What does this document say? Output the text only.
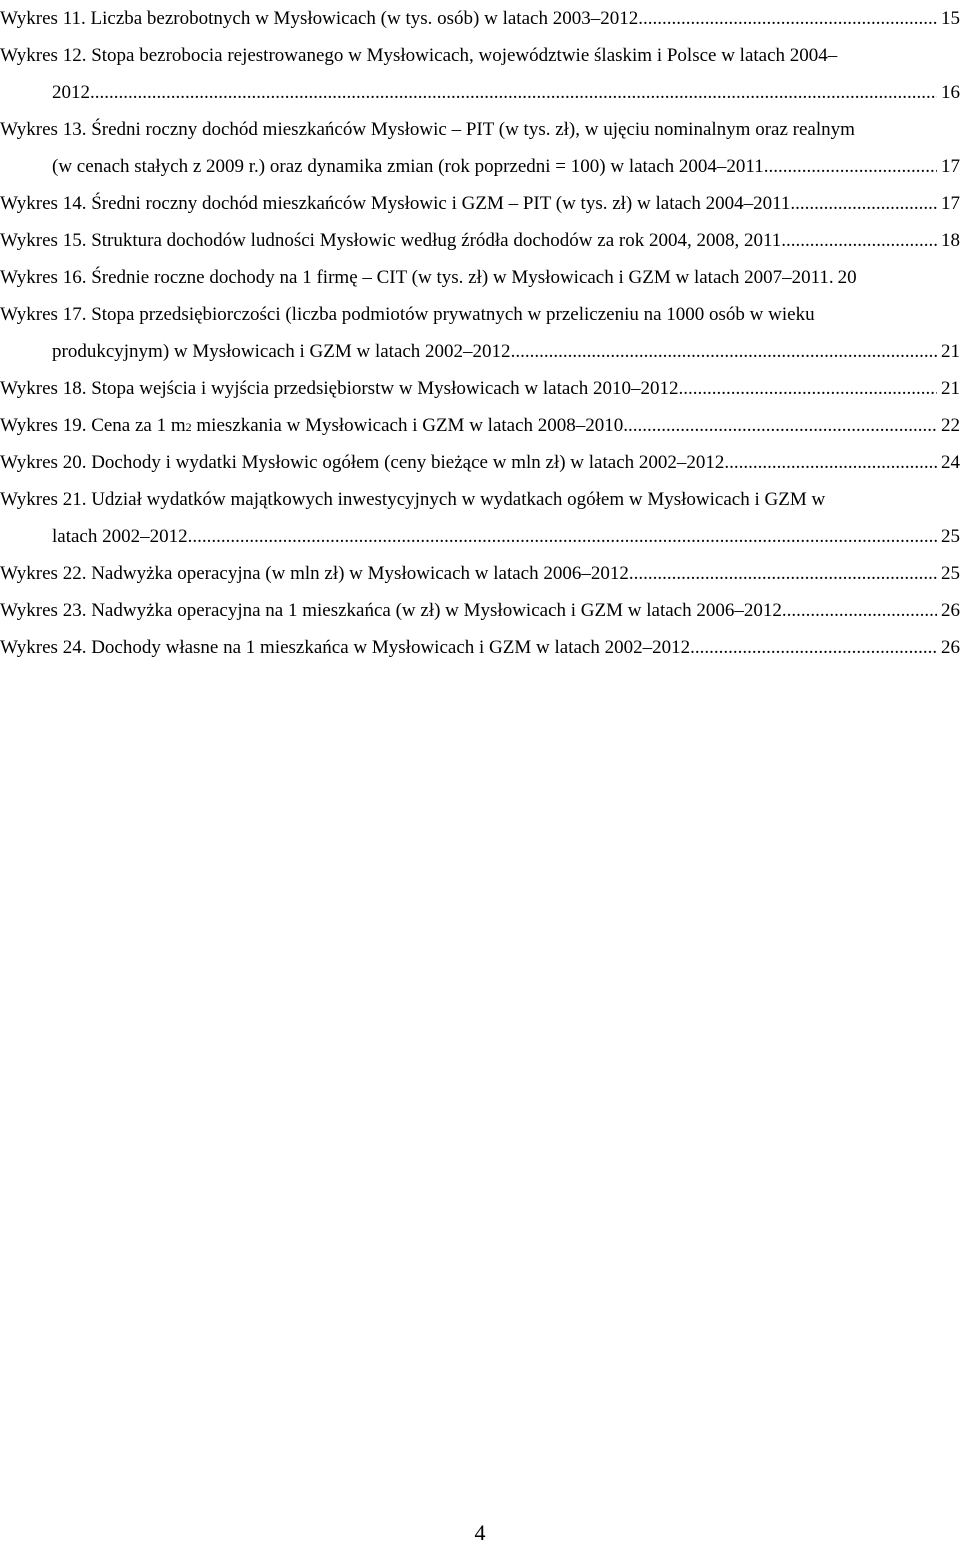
Wykres 11.
Liczba bezrobotnych w Mysłowicach (w tys. osób) w latach 2003–2012 .....	15
Wykres 12.
Stopa bezrobocia rejestrowanego w Mysłowicach, województwie ślaskim i Polsce w latach 2004–
2012 .....	16
Wykres 13.
Średni roczny dochód mieszkańców Mysłowic – PIT (w tys. zł), w ujęciu nominalnym oraz realnym
(w cenach stałych z 2009 r.) oraz dynamika zmian (rok poprzedni = 100) w latach 2004–2011 .....	17
Wykres 14.
Średni roczny dochód mieszkańców Mysłowic i GZM – PIT (w tys. zł) w latach 2004–2011 .....	17
Wykres 15.
Struktura dochodów ludności Mysłowic według źródła dochodów za rok 2004, 2008, 2011 .....	18
Wykres 16.
Średnie roczne dochody na 1 firmę – CIT (w tys. zł) w Mysłowicach i GZM w latach 2007–2011. 20
Wykres 17.
Stopa przedsiębiorczości (liczba podmiotów prywatnych w przeliczeniu na 1000 osób w wieku
produkcyjnym) w Mysłowicach i GZM w latach 2002–2012 .....	21
Wykres 18.
Stopa wejścia i wyjścia przedsiębiorstw w Mysłowicach w latach 2010–2012 .....	21
Wykres 19.
Cena za 1 m 2 mieszkania w Mysłowicach i GZM w latach 2008–2010 .....	22
Wykres 20.
Dochody i wydatki Mysłowic ogółem (ceny bieżące w mln zł) w latach 2002–2012 .....	24
Wykres 21.
Udział wydatków majątkowych inwestycyjnych w wydatkach ogółem w Mysłowicach i GZM w
latach 2002–2012 .....	25
Wykres 22.
Nadwyżka operacyjna (w mln zł) w Mysłowicach w latach 2006–2012 .....	25
Wykres 23.
Nadwyżka operacyjna na 1 mieszkańca (w zł) w Mysłowicach i GZM w latach 2006–2012 .....	26
Wykres 24.
Dochody własne na 1 mieszkańca w Mysłowicach i GZM w latach 2002–2012 .....	26
4
